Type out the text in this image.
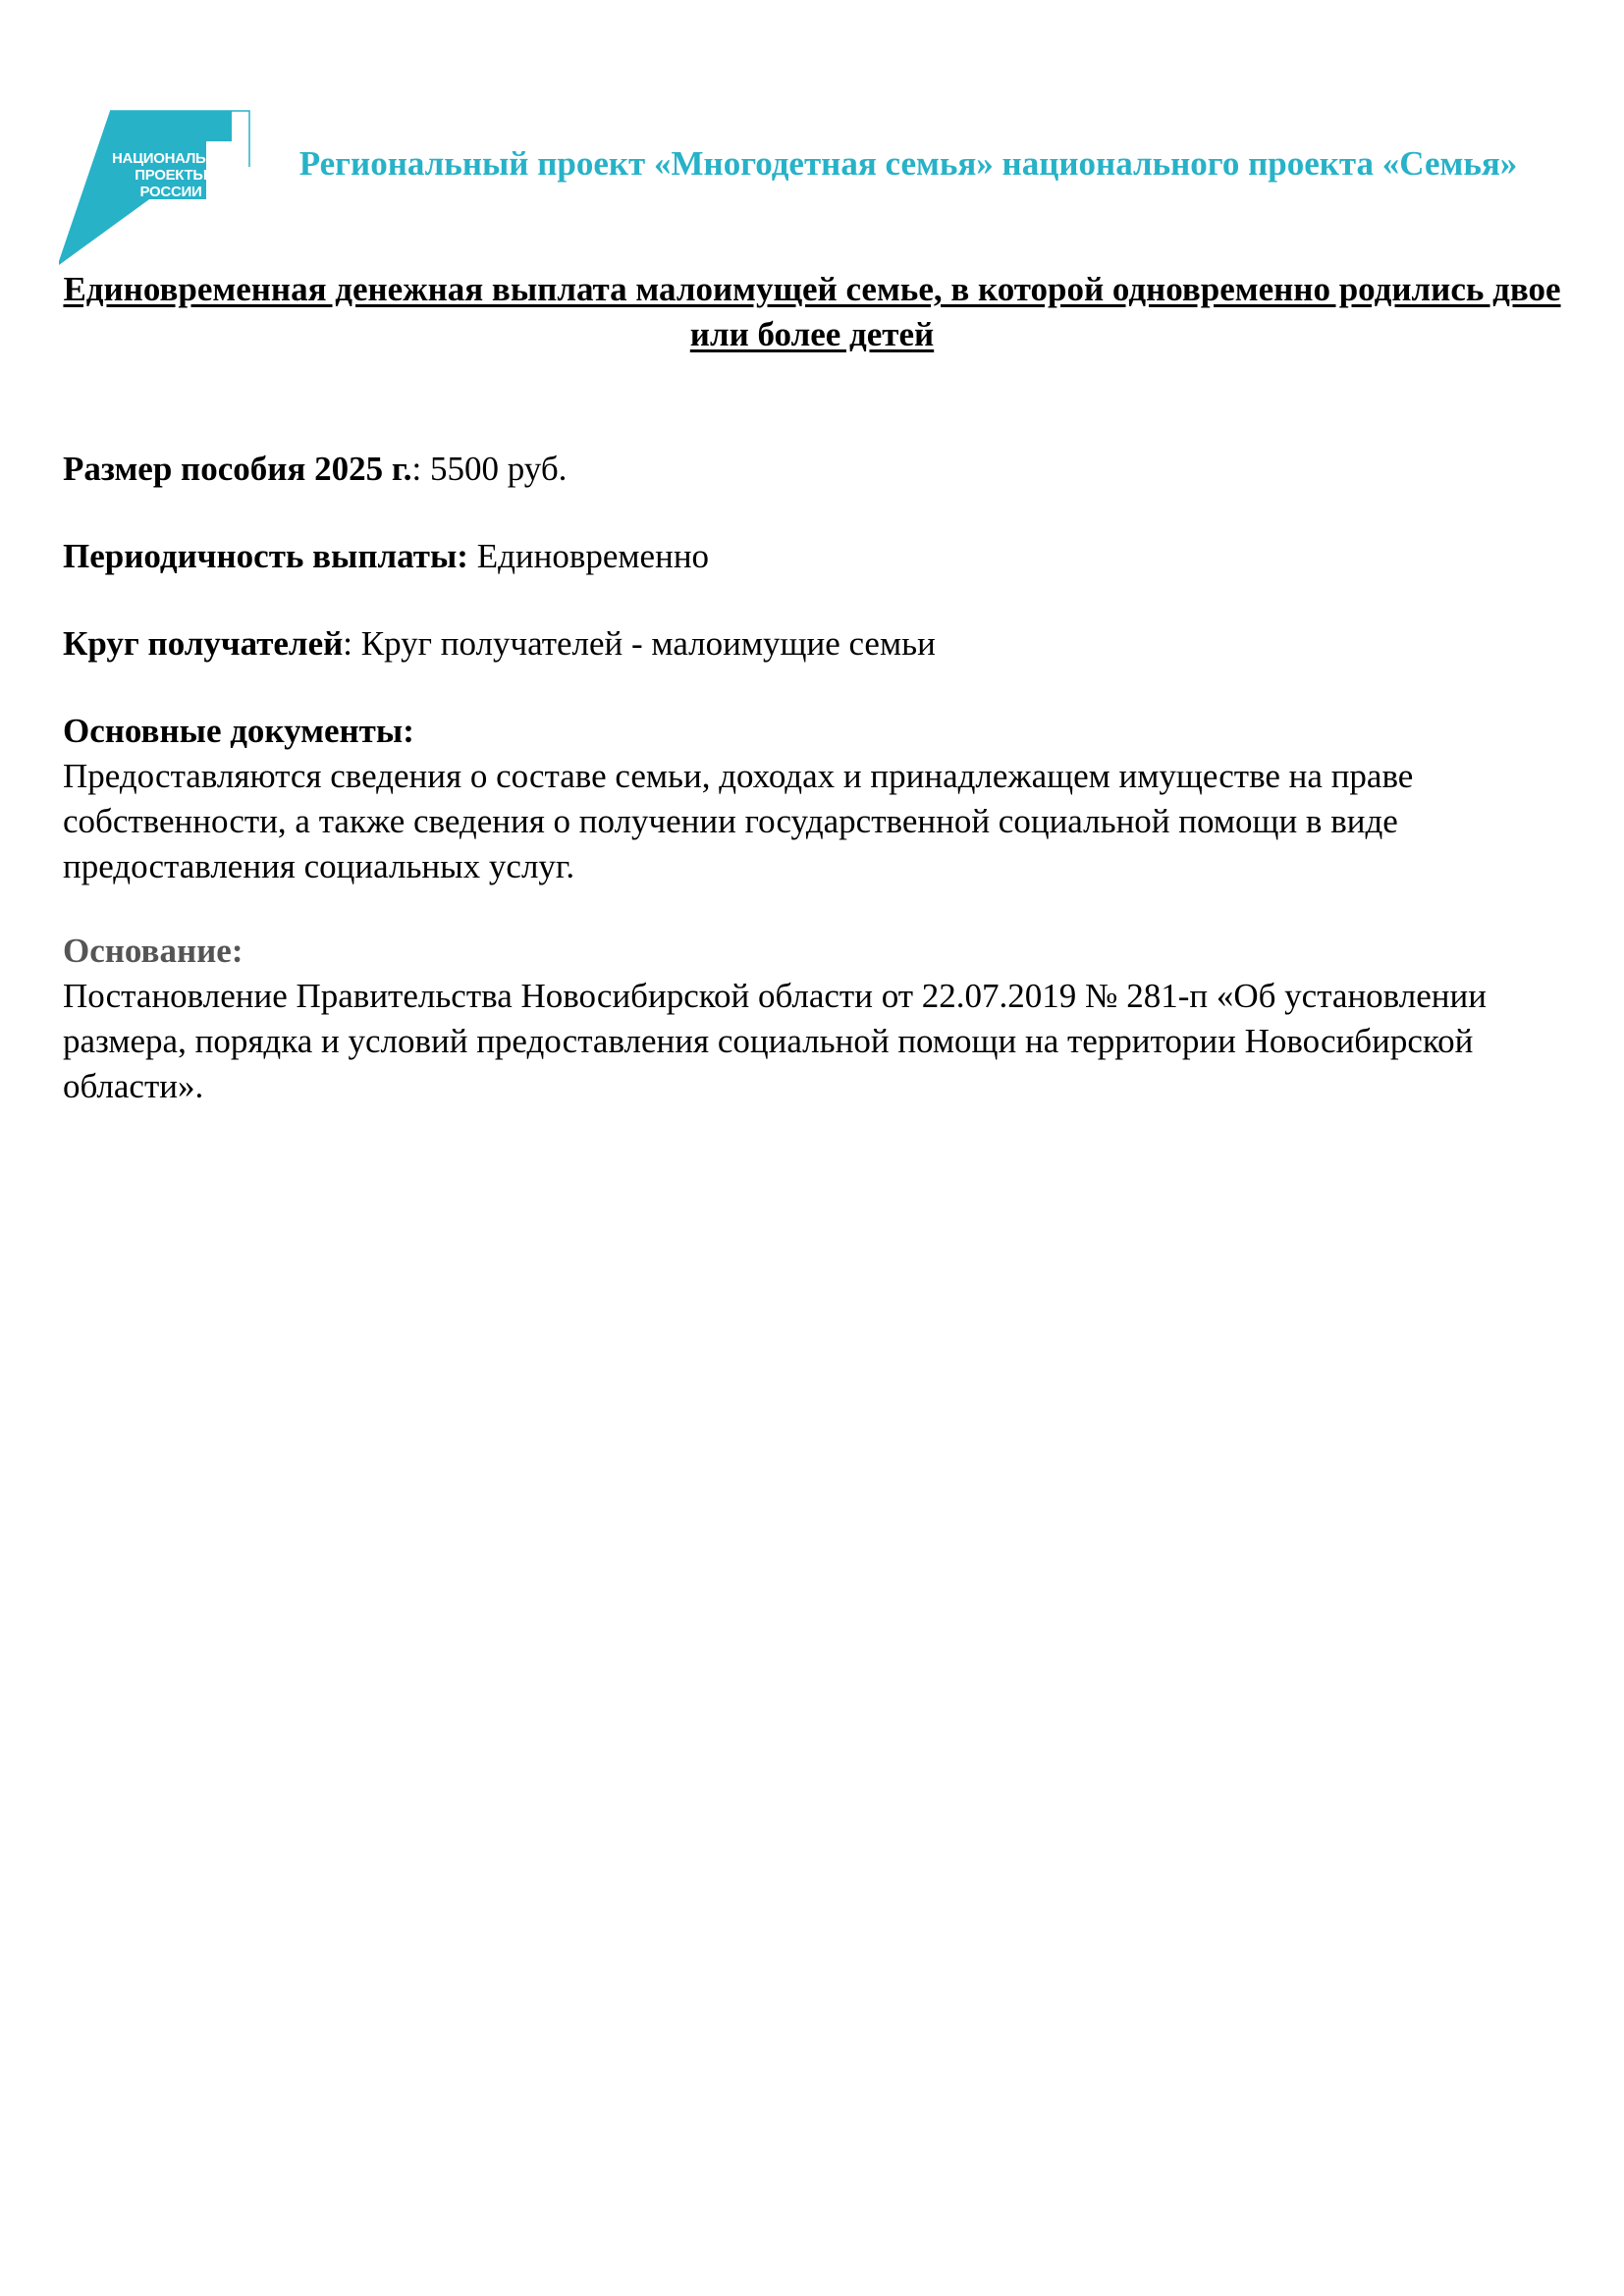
СЕМЬЯ
НАЦИОНАЛЬНЫЕ
ПРОЕКТЫ
РОССИИ
Региональный проект «Многодетная семья» национального проекта «Семья»
Единовременная денежная выплата малоимущей семье, в которой одновременно родились двое или более детей
Размер пособия 2025 г.: 5500 руб.
Периодичность выплаты: Единовременно
Круг получателей: Круг получателей - малоимущие семьи
Основные документы:
Предоставляются сведения о составе семьи, доходах и принадлежащем имуществе на праве собственности, а также сведения о получении государственной социальной помощи в виде предоставления социальных услуг.
Основание:
Постановление Правительства Новосибирской области от 22.07.2019 № 281-п «Об установлении размера, порядка и условий предоставления социальной помощи на территории Новосибирской области».
